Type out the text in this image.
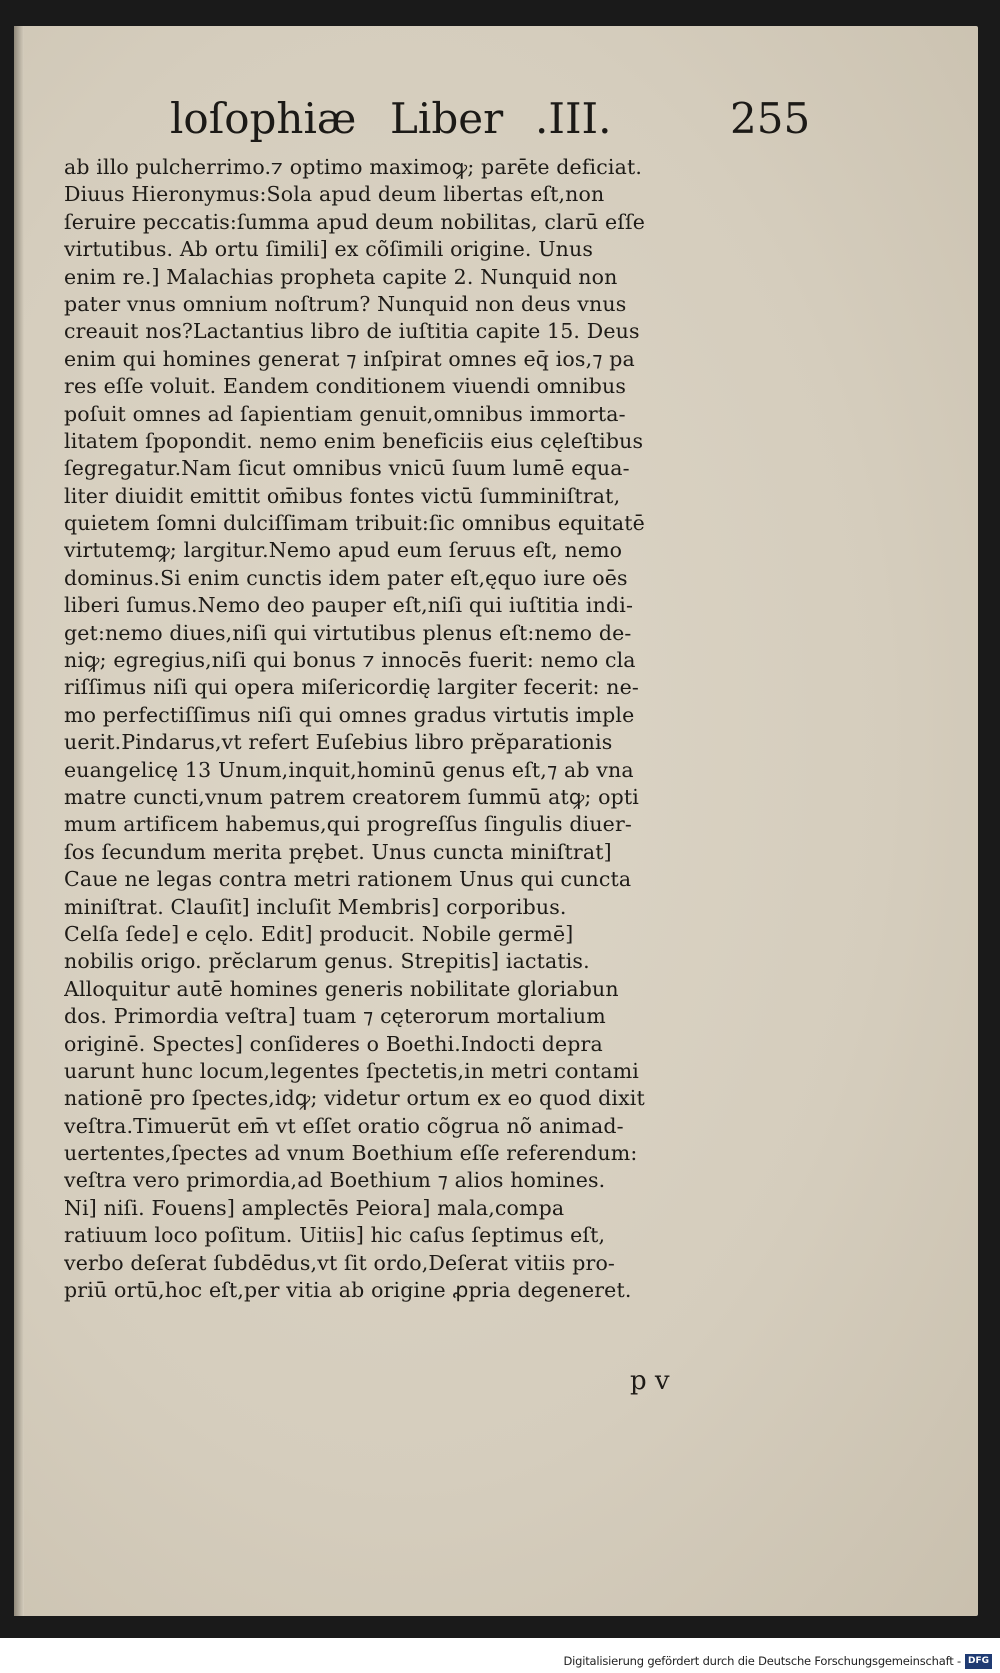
loſophiæ Liber .III.	255
ab illo pulcherrimo.⁊ optimo maximoꝙ; parēte deficiat.
Diuus Hieronymus:Sola apud deum libertas eſt,non
ſeruire peccatis:ſumma apud deum nobilitas, clarū eſſe
virtutibus. Ab ortu ſimili] ex cõſimili origine. Unus
enim re.] Malachias propheta capite 2. Nunquid non
pater vnus omnium noſtrum? Nunquid non deus vnus
creauit nos?Lactantius libro de iuſtitia capite 15. Deus
enim qui homines generat ⁊ inſpirat omnes eq̄ ios,⁊ pa
res eſſe voluit. Eandem conditionem viuendi omnibus
poſuit omnes ad ſapientiam genuit,omnibus immorta-
litatem ſpopondit. nemo enim beneficiis eius cęleſtibus
ſegregatur.Nam ſicut omnibus vnicū ſuum lumē equa-
liter diuidit emittit om̄ibus fontes victū ſumminiſtrat,
quietem ſomni dulciſſimam tribuit:ſic omnibus equitatē
virtutemꝙ; largitur.Nemo apud eum ſeruus eſt, nemo
dominus.Si enim cunctis idem pater eſt,ęquo iure oēs
liberi ſumus.Nemo deo pauper eſt,niſi qui iuſtitia indi-
get:nemo diues,niſi qui virtutibus plenus eſt:nemo de-
niꝙ; egregius,niſi qui bonus ⁊ innocēs fuerit: nemo cla
riſſimus niſi qui opera miſericordię largiter fecerit: ne-
mo perfectiſſimus niſi qui omnes gradus virtutis imple
uerit.Pindarus,vt refert Euſebius libro prĕparationis
euangelicę 13 Unum,inquit,hominū genus eſt,⁊ ab vna
matre cuncti,vnum patrem creatorem ſummū atꝙ; opti
mum artificem habemus,qui progreſſus ſingulis diuer-
ſos ſecundum merita prębet. Unus cuncta miniſtrat]
Caue ne legas contra metri rationem Unus qui cuncta
miniſtrat. Clauſit] incluſit Membris] corporibus.
Celſa ſede] e cęlo. Edit] producit. Nobile germē]
nobilis origo. prĕclarum genus. Strepitis] iactatis.
Alloquitur autē homines generis nobilitate gloriabun
dos. Primordia veſtra] tuam ⁊ cęterorum mortalium
originē. Spectes] conſideres o Boethi.Indocti depra
uarunt hunc locum,legentes ſpectetis,in metri contami
nationē pro ſpectes,idꝙ; videtur ortum ex eo quod dixit
veſtra.Timuerūt em̄ vt eſſet oratio cõgrua nõ animad-
uertentes,ſpectes ad vnum Boethium eſſe referendum:
veſtra vero primordia,ad Boethium ⁊ alios homines.
Ni] niſi. Fouens] amplectēs Peiora] mala,compa
ratiuum loco poſitum. Uitiis] hic caſus ſeptimus eſt,
verbo deſerat ſubdēdus,vt ſit ordo,Deſerat vitiis pro-
priū ortū,hoc eſt,per vitia ab origine ꝓpria degeneret.
p v
Digitalisierung gefördert durch die Deutsche Forschungsgemeinschaft - DFG
